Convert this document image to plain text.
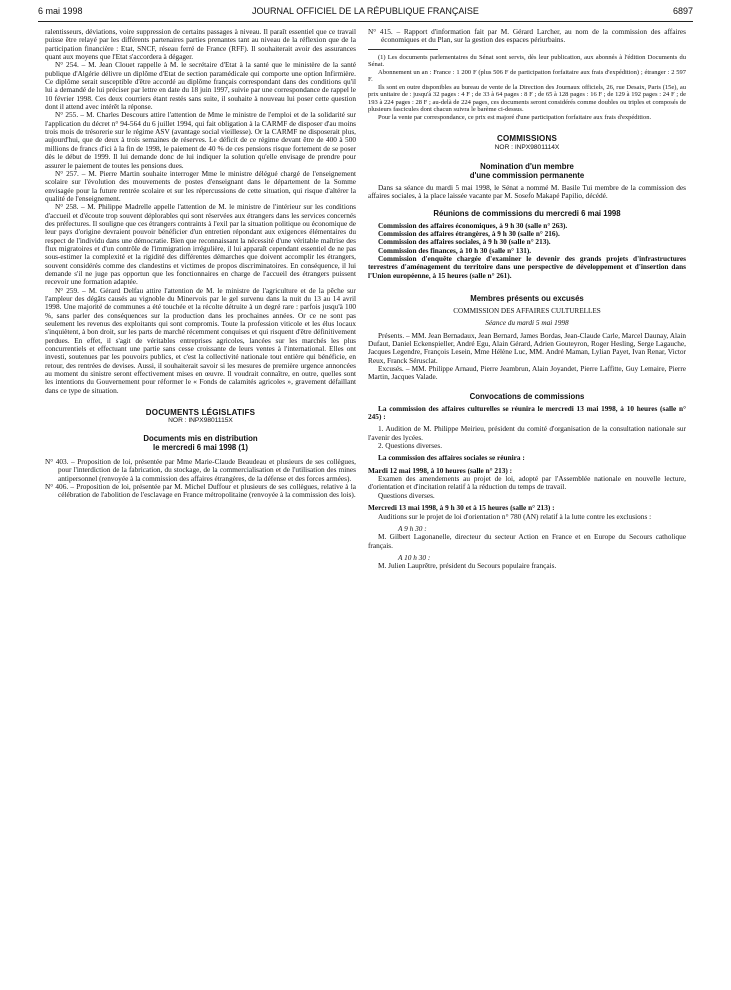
6 mai 1998	JOURNAL OFFICIEL DE LA RÉPUBLIQUE FRANÇAISE	6897

ralentisseurs, déviations, voire suppression de certains passages à niveau. Il paraît essentiel que ce travail puisse être relayé par les différents partenaires parties prenantes tant au niveau de la réflexion que de la participation financière : Etat, SNCF, réseau ferré de France (RFF). Il souhaiterait avoir des assurances quant aux moyens que l'Etat s'accordera à dégager.

N° 254. – M. Jean Clouet rappelle à M. le secrétaire d'Etat à la santé que le ministère de la santé publique d'Algérie délivre un diplôme d'Etat de section paramédicale qui comporte une option Infirmière. Ce diplôme serait susceptible d'être accordé au diplôme français correspondant dans des conditions qu'il lui a demandé de lui préciser par lettre en date du 18 juin 1997, suivie par une correspondance de rappel le 10 février 1998. Ces deux courriers étant restés sans suite, il souhaite à nouveau lui poser cette question dont il attend avec intérêt la réponse.

N° 255. – M. Charles Descours attire l'attention de Mme le ministre de l'emploi et de la solidarité sur l'application du décret n° 94-564 du 6 juillet 1994, qui fait obligation à la CARMF de disposer d'au moins trois mois de trésorerie sur le régime ASV (avantage social vieillesse). Or la CARMF ne disposerait plus, aujourd'hui, que de deux à trois semaines de réserves. Le déficit de ce régime devant être de 400 à 500 millions de francs d'ici à la fin de 1998, le paiement de 40 % de ces pensions risque fortement de se poser dès le début de 1999. Il lui demande donc de lui indiquer la solution qu'elle envisage de prendre pour assurer le paiement de toutes les pensions dues.

N° 257. – M. Pierre Martin souhaite interroger Mme le ministre délégué chargé de l'enseignement scolaire sur l'évolution des mouvements de postes d'enseignant dans le département de la Somme envisagée pour la future rentrée scolaire et sur les répercussions de cette situation, qui risque d'altérer la qualité de l'enseignement.

N° 258. – M. Philippe Madrelle appelle l'attention de M. le ministre de l'intérieur sur les conditions d'accueil et d'écoute trop souvent déplorables qui sont réservées aux étrangers dans les services concernés des préfectures. Il souligne que ces étrangers contraints à l'exil par la situation politique ou économique de leur pays d'origine devraient pouvoir bénéficier d'un entretien répondant aux exigences élémentaires du respect de l'individu dans une démocratie. Bien que reconnaissant la nécessité d'une véritable maîtrise des flux migratoires et d'un contrôle de l'immigration irrégulière, il lui apparaît cependant essentiel de ne pas sous-estimer la complexité et la rigidité des différentes démarches que doivent accomplir les étrangers, souvent considérés comme des clandestins et victimes de propos discriminatoires. En conséquence, il lui demande s'il ne juge pas opportun que les fonctionnaires en charge de l'accueil des étrangers puissent recevoir une formation adaptée.

N° 259. – M. Gérard Delfau attire l'attention de M. le ministre de l'agriculture et de la pêche sur l'ampleur des dégâts causés au vignoble du Minervois par le gel survenu dans la nuit du 13 au 14 avril 1998. Une majorité de communes a été touchée et la récolte détruite à un degré rare : parfois jusqu'à 100 %, sans parler des conséquences sur la production dans les prochaines années. Or ce ne sont pas seulement les revenus des exploitants qui sont compromis. Toute la profession viticole et les élus locaux s'inquiètent, à bon droit, sur les parts de marché récemment conquises et qui risquent d'être définitivement perdues. En effet, il s'agit de véritables entreprises agricoles, lancées sur les marchés les plus concurrentiels et effectuant une partie sans cesse croissante de leurs ventes à l'international. Elles ont investi, soutenues par les pouvoirs publics, et c'est la collectivité nationale tout entière qui bénéficie, en retour, des rentrées de devises. Aussi, il souhaiterait savoir si les mesures de première urgence annoncées au moment du sinistre seront effectivement mises en œuvre. Il voudrait connaître, en outre, quelles sont les intentions du Gouvernement pour réformer le « Fonds de calamités agricoles », gravement défaillant dans ce type de situation.

DOCUMENTS LÉGISLATIFS

NOR : INPX9801115X

Documents mis en distribution

le mercredi 6 mai 1998 (1)

N° 403. – Proposition de loi, présentée par Mme Marie-Claude Beaudeau et plusieurs de ses collègues, pour l'interdiction de la fabrication, du stockage, de la commercialisation et de l'utilisation des mines antipersonnel (renvoyée à la commission des affaires étrangères, de la défense et des forces armées).

N° 406. – Proposition de loi, présentée par M. Michel Duffour et plusieurs de ses collègues, relative à la célébration de l'abolition de l'esclavage en France métropolitaine (renvoyée à la commission des lois).

N° 415. – Rapport d'information fait par M. Gérard Larcher, au nom de la commission des affaires économiques et du Plan, sur la gestion des espaces périurbains.

(1) Les documents parlementaires du Sénat sont servis, dès leur publication, aux abonnés à l'édition Documents du Sénat.

Abonnement un an : France : 1 200 F (plus 506 F de participation forfaitaire aux frais d'expédition) ; étranger : 2 597 F.

Ils sont en outre disponibles au bureau de vente de la Direction des Journaux officiels, 26, rue Desaix, Paris (15e), au prix unitaire de : jusqu'à 32 pages : 4 F ; de 33 à 64 pages : 8 F ; de 65 à 128 pages : 16 F ; de 129 à 192 pages : 24 F ; de 193 à 224 pages : 28 F ; au-delà de 224 pages, ces documents seront considérés comme doubles ou triples et composés de plusieurs fascicules dont chacun suivra le barème ci-dessus.

Pour la vente par correspondance, ce prix est majoré d'une participation forfaitaire aux frais d'expédition.

COMMISSIONS

NOR : INPX9801114X

Nomination d'un membre

d'une commission permanente

Dans sa séance du mardi 5 mai 1998, le Sénat a nommé M. Basile Tui membre de la commission des affaires sociales, à la place laissée vacante par M. Sosefo Makapé Papilio, décédé.

Réunions de commissions du mercredi 6 mai 1998

Commission des affaires économiques, à 9 h 30 (salle n° 263).

Commission des affaires étrangères, à 9 h 30 (salle n° 216).

Commission des affaires sociales, à 9 h 30 (salle n° 213).

Commission des finances, à 10 h 30 (salle n° 131).

Commission d'enquête chargée d'examiner le devenir des grands projets d'infrastructures terrestres d'aménagement du territoire dans une perspective de développement et d'insertion dans l'Union européenne, à 15 heures (salle n° 261).

Membres présents ou excusés

COMMISSION DES AFFAIRES CULTURELLES

Séance du mardi 5 mai 1998

Présents. – MM. Jean Bernadaux, Jean Bernard, James Bordas, Jean-Claude Carle, Marcel Daunay, Alain Dufaut, Daniel Eckenspieller, André Egu, Alain Gérard, Adrien Gouteyron, Roger Hesling, Serge Lagauche, Jacques Legendre, François Lesein, Mme Hélène Luc, MM. André Maman, Lylian Payet, Ivan Renar, Victor Reux, Franck Sérusclat.

Excusés. – MM. Philippe Arnaud, Pierre Jeambrun, Alain Joyandet, Pierre Laffitte, Guy Lemaire, Pierre Martin, Jacques Valade.

Convocations de commissions

La commission des affaires culturelles se réunira le mercredi 13 mai 1998, à 10 heures (salle n° 245) :

1. Audition de M. Philippe Meirieu, président du comité d'organisation de la consultation nationale sur l'avenir des lycées.

2. Questions diverses.

La commission des affaires sociales se réunira :

Mardi 12 mai 1998, à 10 heures (salle n° 213) :

Examen des amendements au projet de loi, adopté par l'Assemblée nationale en nouvelle lecture, d'orientation et d'incitation relatif à la réduction du temps de travail.

Questions diverses.

Mercredi 13 mai 1998, à 9 h 30 et à 15 heures (salle n° 213) :

Auditions sur le projet de loi d'orientation n° 780 (AN) relatif à la lutte contre les exclusions :

A 9 h 30 :

M. Gilbert Lagonanelle, directeur du secteur Action en France et en Europe du Secours catholique français.

A 10 h 30 :

M. Julien Lauprêtre, président du Secours populaire français.
